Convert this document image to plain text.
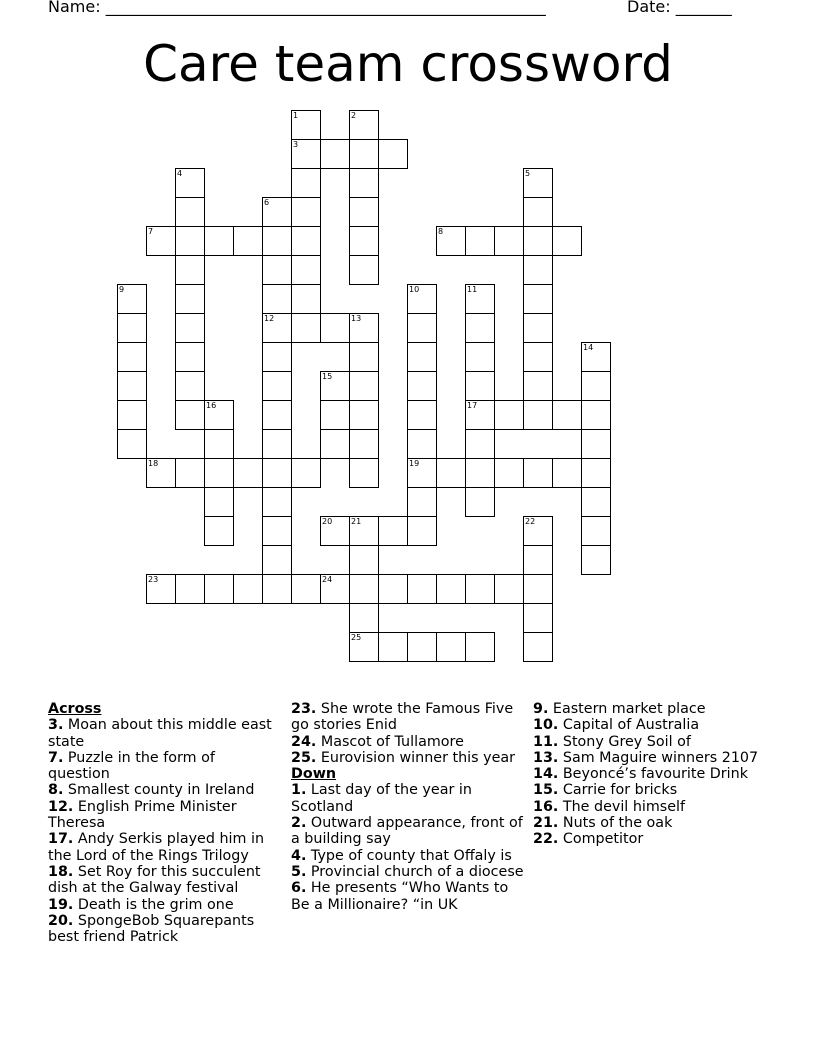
Name: _______________________________________________________	Date: _______
Care team crossword
1
3
2
4	5
6
12
7	8
9	10
19
11
17
13
14
15
16
18
20 21
25
22
23	24
Across
3. Moan about this middle east state
7. Puzzle in the form of question
8. Smallest county in Ireland
12. English Prime Minister Theresa
17. Andy Serkis played him in the Lord of the Rings Trilogy
18. Set Roy for this succulent dish at the Galway festival
19. Death is the grim one
20. SpongeBob Squarepants best friend Patrick
23. She wrote the Famous Five go stories Enid
24. Mascot of Tullamore
25. Eurovision winner this year
Down
1. Last day of the year in Scotland
2. Outward appearance, front of a building say
4. Type of county that Offaly is
5. Provincial church of a diocese
6. He presents “Who Wants to Be a Millionaire? “in UK
9. Eastern market place
10. Capital of Australia
11. Stony Grey Soil of
13. Sam Maguire winners 2107
14. Beyoncé’s favourite Drink
15. Carrie for bricks
16. The devil himself
21. Nuts of the oak
22. Competitor
